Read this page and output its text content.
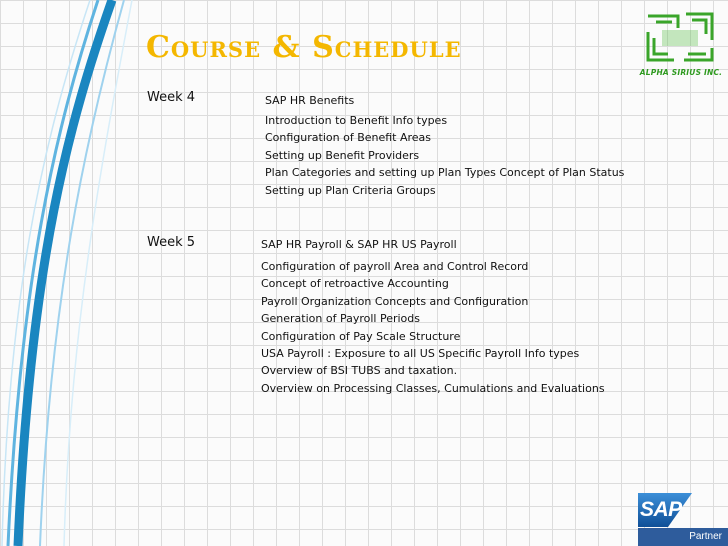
Course & Schedule
ALPHA SIRIUS INC.
Week 4	SAP HR Benefits
Introduction to Benefit Info types
Configuration of Benefit Areas
Setting up Benefit Providers
Plan Categories and setting up Plan Types Concept of Plan Status
Setting up Plan Criteria Groups
Week 5	SAP HR Payroll & SAP HR US Payroll
Configuration of payroll Area and Control Record
Concept of retroactive Accounting
Payroll Organization Concepts and Configuration
Generation of Payroll Periods
Configuration of Pay Scale Structure
USA Payroll : Exposure to all US Specific Payroll Info types
Overview of BSI TUBS and taxation.
Overview on Processing Classes, Cumulations and Evaluations
SAP
Partner
